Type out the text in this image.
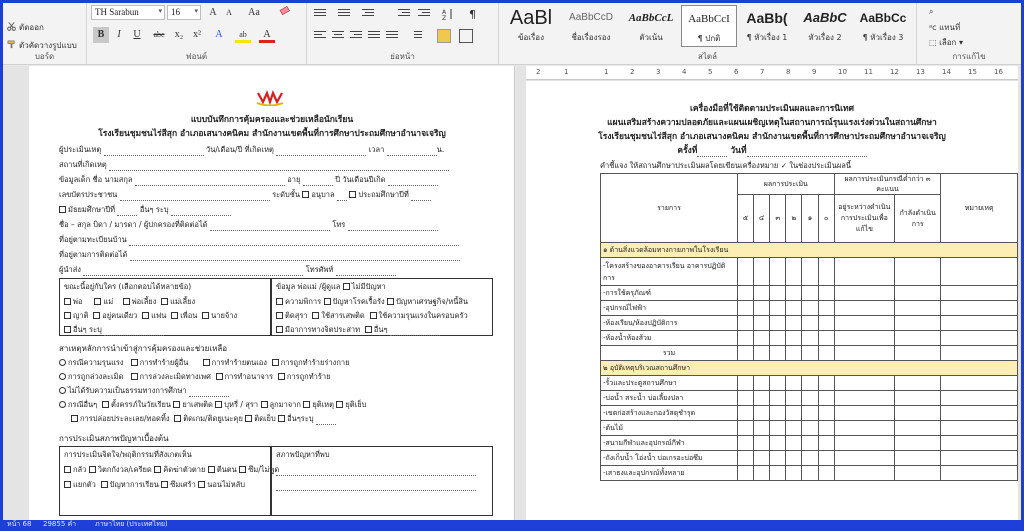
ตัดออก
ตัวคัดวางรูปแบบ
บอร์ด
TH Sarabun	▾	16 ▾	A	A	Aa
B	I	U	abc	x₂ x²	A	ab	A
ฟอนต์
A
Z ¶
ย่อหน้า
AaBl
ข้อเรื่อง
AaBbCcD
ชื่อเรื่องรอง
AaBbCcL
ตัวเน้น
AaBbCcI
¶ ปกติ
AaBb(
¶ หัวเรื่อง 1
AaBbC
หัวเรื่อง 2
AaBbCc
¶ หัวเรื่อง 3
สไตล์
⌕
ᵃc แทนที่
⬚ เลือก ▾
การแก้ไข
แบบบันทึกการคุ้มครองและช่วยเหลือนักเรียน
โรงเรียนชุมชนไร่สีสุก อำเภอเสนางคนิคม สำนักงานเขตพื้นที่การศึกษาประถมศึกษาอำนาจเจริญ
ผู้ประเมินเหตุ	วัน/เดือน/ปี ที่เกิดเหตุ	เวลา	น.
สถานที่เกิดเหตุ
ข้อมูลเด็ก ชื่อ นามสกุล	อายุ	ปี วันเดือนปีเกิด
เลขบัตรประชาชน	ระดับชั้น อนุบาล	ประถมศึกษาปีที่
มัธยมศึกษาปีที่	อื่นๆ ระบุ
ชื่อ – สกุล บิดา / มารดา / ผู้ปกครองที่ติดต่อได้	โทร
ที่อยู่ตามทะเบียนบ้าน
ที่อยู่ตามการติดต่อได้
ผู้นำส่ง	โทรศัพท์
ขณะนี้อยู่กับใคร (เลือกตอบได้หลายข้อ)
พ่อ	แม่ พ่อเลี้ยง แม่เลี้ยง
ญาติ อยู่คนเดียว แฟน เพื่อน นายจ้าง
อื่นๆ ระบุ
ข้อมูล พ่อแม่ /ผู้ดูแล ไม่มีปัญหา
ความพิการ ปัญหาโรคเรื้อรัง ปัญหาเศรษฐกิจ/หนี้สิน
ติดสุรา ใช้สารเสพติด ใช้ความรุนแรงในครอบครัว
มีอาการทางจิตประสาท อื่นๆ
สาเหตุหลักการนำเข้าสู่การคุ้มครองและช่วยเหลือ
กรณีความรุนแรง การทำร้ายผู้อื่น	การทำร้ายตนเอง การถูกทำร้ายร่างกาย
การถูกล่วงละเมิด การล่วงละเมิดทางเพศ การทำอนาจาร การถูกทำร้าย
ไม่ได้รับความเป็นธรรมทางการศึกษา
กรณีอื่นๆ ตั้งครรภ์ในวัยเรียน ยาเสพติด บุหรี่ / สุรา ลูกมาจาก ยุติเหตุ ยุติเย็บ
การปล่อยประละเลย/ทอดทิ้ง ติดเกม/ติดยูเนะคุย ติดเย็บ อื่นๆระบุ
การประเมินสภาพปัญหาเบื้องต้น
การประเมินจิตใจ/พฤติกรรมที่สังเกตเห็น
กลัว วิตกกังวล/เครียด คิดฆ่าตัวตาย ตีนตน ซึม/ไม่พูด
แยกตัว ปัญหาการเรียน ซึมเศร้า นอนไม่หลับ
สภาพปัญหาที่พบ
2	1	1	2	3	4	5	6	7	8	9	10 11 12 13 14 15 16
เครื่องมือที่ใช้ติดตามประเมินผลและการนิเทศ
แผนเสริมสร้างความปลอดภัยและแผนเผชิญเหตุในสถานการณ์รุนแรงเร่งด่วนในสถานศึกษา
โรงเรียนชุมชนไร่สีสุก อำเภอเสนางคนิคม สำนักงานเขตพื้นที่การศึกษาประถมศึกษาอำนาจเจริญ
ครั้งที่	วันที่
คำชี้แจง ให้สถานศึกษาประเมินผลโดยเขียนเครื่องหมาย ✓ ในช่องประเมินผลนี้
รายการ	ผลการประเมิน						ผลการประเมินกรณีต่ำกว่า ๓ คะแนน		หมายเหตุ
	๕	๔	๓	๒	๑	๐	อยู่ระหว่างดำเนินการประเมินเพื่อแก้ไข	กำลังดำเนินการ	

๑ ด้านสิ่งแวดล้อมทางกายภาพในโรงเรียน									
-โครงสร้างของอาคารเรียน อาคารปฏิบัติการ									
-การใช้ครุภัณฑ์									
-อุปกรณ์ไฟฟ้า									
-ห้องเรียน/ห้องปฏิบัติการ									
-ห้องน้ำห้องส้วม									
รวม									
๒ อุบัติเหตุบริเวณสถานศึกษา									
-รั้วและประตูสถานศึกษา									
-บ่อน้ำ สระน้ำ บ่อเลี้ยงปลา									
-เขตก่อสร้างและกองวัสดุชำรุด									
-ต้นไม้									
-สนามกีฬาและอุปกรณ์กีฬา									
-ถังเก็บน้ำ โอ่งน้ำ บ่อเกรอะบ่อซึม									
-เสาธงและอุปกรณ์ทั้งหลาย									
หน้า 68 29855 คำ	ภาษาไทย (ประเทศไทย)
